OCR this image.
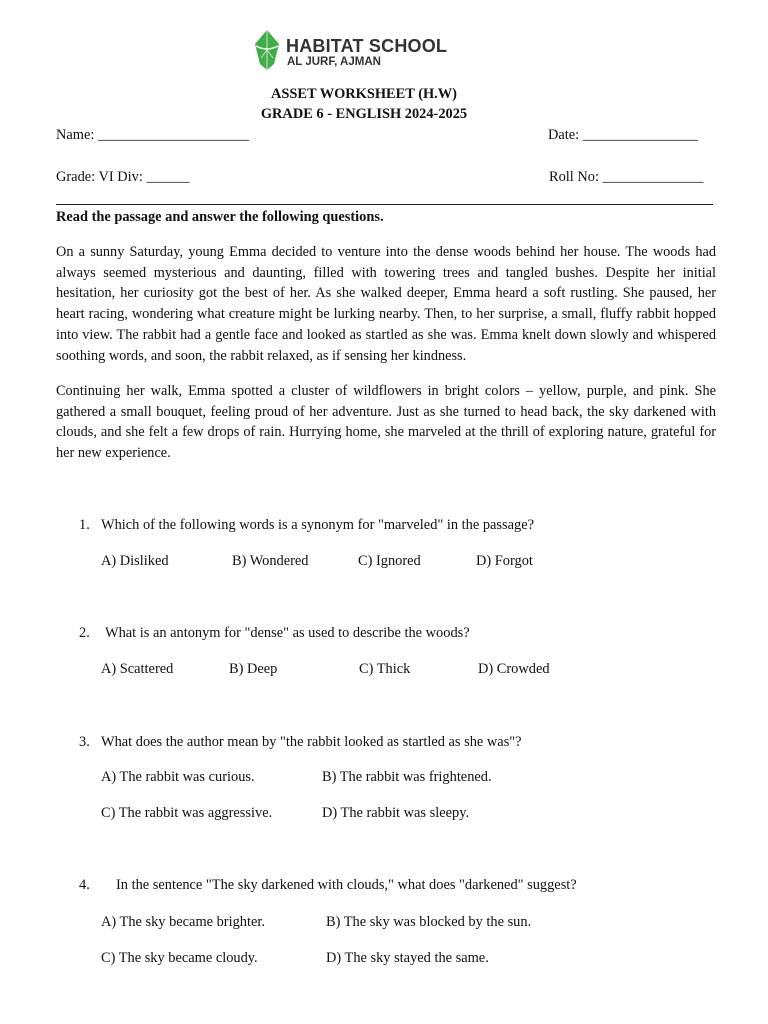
HABITAT SCHOOL
AL JURF, AJMAN
ASSET WORKSHEET (H.W)
GRADE 6 - ENGLISH 2024-2025
Name: _____________________	Date: ________________
Grade: VI Div: ______	Roll No: ______________
Read the passage and answer the following questions.

On a sunny Saturday, young Emma decided to venture into the dense woods behind her house. The woods had always seemed mysterious and daunting, filled with towering trees and tangled bushes. Despite her initial hesitation, her curiosity got the best of her. As she walked deeper, Emma heard a soft rustling. She paused, her heart racing, wondering what creature might be lurking nearby. Then, to her surprise, a small, fluffy rabbit hopped into view. The rabbit had a gentle face and looked as startled as she was. Emma knelt down slowly and whispered soothing words, and soon, the rabbit relaxed, as if sensing her kindness.

Continuing her walk, Emma spotted a cluster of wildflowers in bright colors – yellow, purple, and pink. She gathered a small bouquet, feeling proud of her adventure. Just as she turned to head back, the sky darkened with clouds, and she felt a few drops of rain. Hurrying home, she marveled at the thrill of exploring nature, grateful for her new experience.

1. Which of the following words is a synonym for "marveled" in the passage?
A) Disliked	B) Wondered	C) Ignored	D) Forgot
2. What is an antonym for "dense" as used to describe the woods?
A) Scattered	B) Deep	C) Thick	D) Crowded
3. What does the author mean by "the rabbit looked as startled as she was"?
A) The rabbit was curious.	B) The rabbit was frightened.
C) The rabbit was aggressive.	D) The rabbit was sleepy.
4. In the sentence "The sky darkened with clouds," what does "darkened" suggest?
A) The sky became brighter.	B) The sky was blocked by the sun.
C) The sky became cloudy.	D) The sky stayed the same.
